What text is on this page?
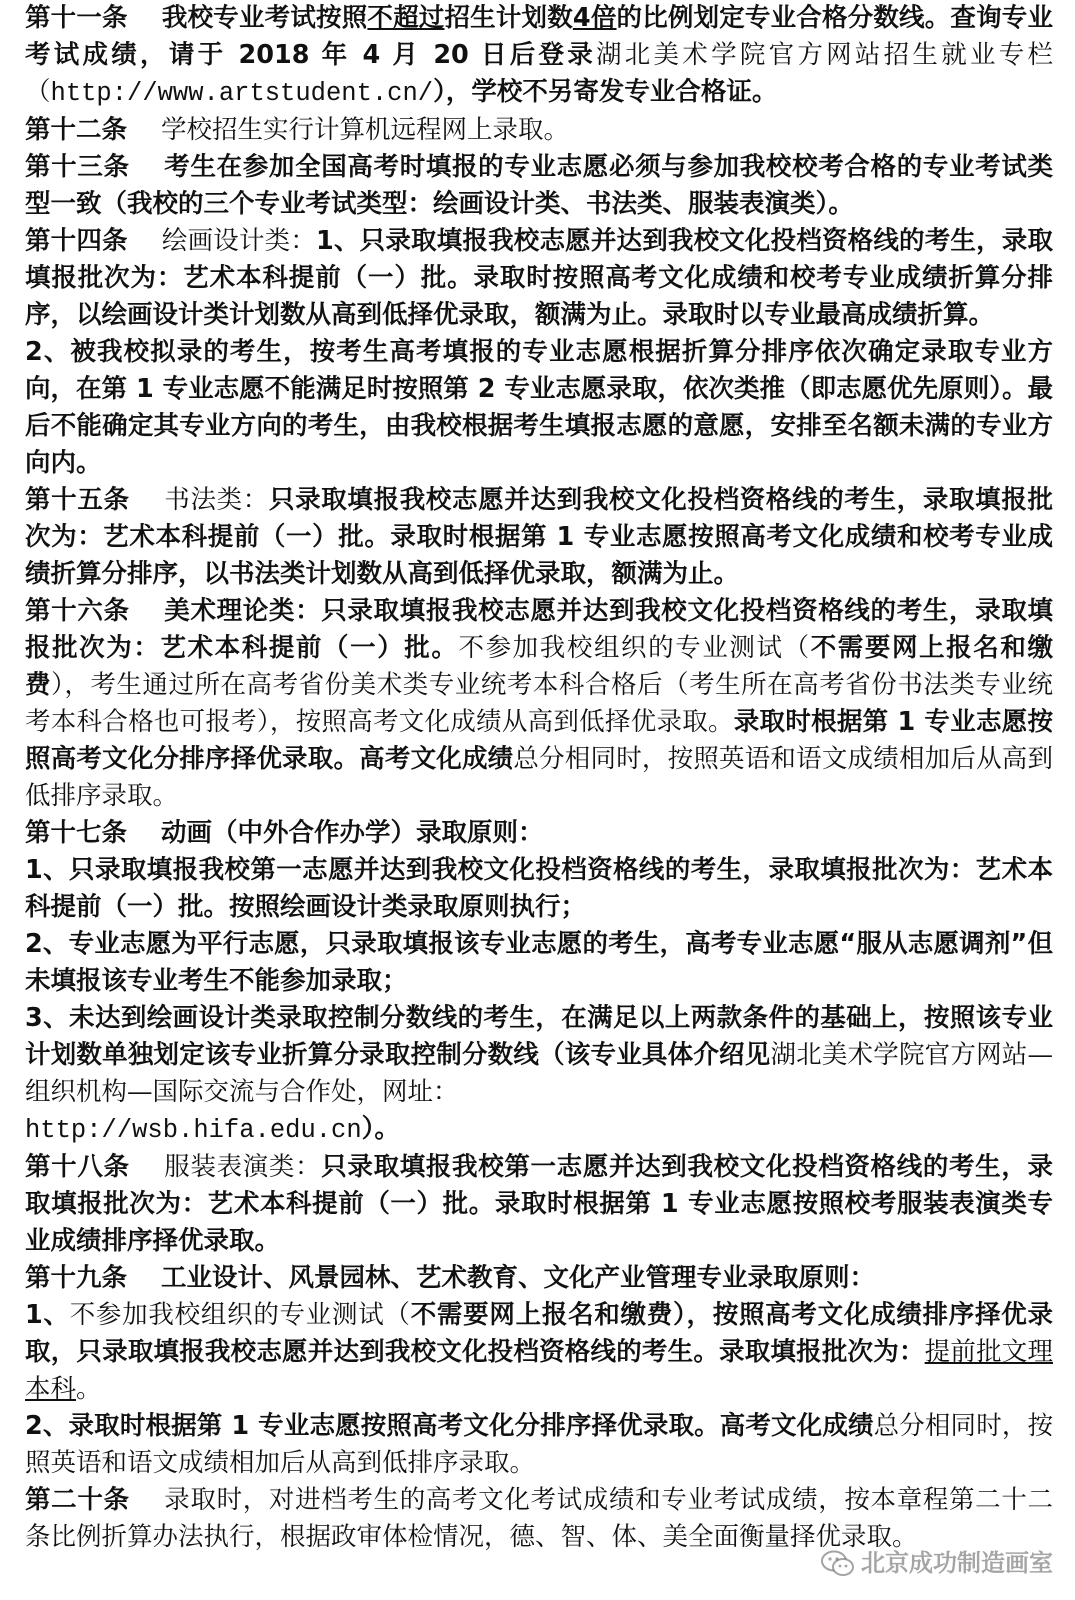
第十一条 我校专业考试按照不超过招生计划数4倍的比例划定专业合格分数线。查询专业考试成绩，请于 2018 年 4 月 20 日后登录湖北美术学院官方网站招生就业专栏（http://www.artstudent.cn/），学校不另寄发专业合格证。

第十二条 学校招生实行计算机远程网上录取。

第十三条 考生在参加全国高考时填报的专业志愿必须与参加我校校考合格的专业考试类型一致（我校的三个专业考试类型：绘画设计类、书法类、服装表演类）。

第十四条 绘画设计类：1、只录取填报我校志愿并达到我校文化投档资格线的考生，录取填报批次为：艺术本科提前（一）批。录取时按照高考文化成绩和校考专业成绩折算分排序，以绘画设计类计划数从高到低择优录取，额满为止。录取时以专业最高成绩折算。

2、被我校拟录的考生，按考生高考填报的专业志愿根据折算分排序依次确定录取专业方向，在第 1 专业志愿不能满足时按照第 2 专业志愿录取，依次类推（即志愿优先原则）。最后不能确定其专业方向的考生，由我校根据考生填报志愿的意愿，安排至名额未满的专业方向内。

第十五条 书法类：只录取填报我校志愿并达到我校文化投档资格线的考生，录取填报批次为：艺术本科提前（一）批。录取时根据第 1 专业志愿按照高考文化成绩和校考专业成绩折算分排序，以书法类计划数从高到低择优录取，额满为止。

第十六条 美术理论类：只录取填报我校志愿并达到我校文化投档资格线的考生，录取填报批次为：艺术本科提前（一）批。不参加我校组织的专业测试（不需要网上报名和缴费），考生通过所在高考省份美术类专业统考本科合格后（考生所在高考省份书法类专业统考本科合格也可报考），按照高考文化成绩从高到低择优录取。录取时根据第 1 专业志愿按照高考文化分排序择优录取。高考文化成绩总分相同时，按照英语和语文成绩相加后从高到低排序录取。

第十七条 动画（中外合作办学）录取原则：

1、只录取填报我校第一志愿并达到我校文化投档资格线的考生，录取填报批次为：艺术本科提前（一）批。按照绘画设计类录取原则执行；

2、专业志愿为平行志愿，只录取填报该专业志愿的考生，高考专业志愿“服从志愿调剂”但未填报该专业考生不能参加录取；

3、未达到绘画设计类录取控制分数线的考生，在满足以上两款条件的基础上，按照该专业计划数单独划定该专业折算分录取控制分数线（该专业具体介绍见湖北美术学院官方网站—组织机构—国际交流与合作处，网址：
http://wsb.hifa.edu.cn）。

第十八条 服装表演类：只录取填报我校第一志愿并达到我校文化投档资格线的考生，录取填报批次为：艺术本科提前（一）批。录取时根据第 1 专业志愿按照校考服装表演类专业成绩排序择优录取。

第十九条 工业设计、风景园林、艺术教育、文化产业管理专业录取原则：

1、不参加我校组织的专业测试（不需要网上报名和缴费），按照高考文化成绩排序择优录取，只录取填报我校志愿并达到我校文化投档资格线的考生。录取填报批次为：提前批文理本科。

2、录取时根据第 1 专业志愿按照高考文化分排序择优录取。高考文化成绩总分相同时，按照英语和语文成绩相加后从高到低排序录取。

第二十条 录取时，对进档考生的高考文化考试成绩和专业考试成绩，按本章程第二十二条比例折算办法执行，根据政审体检情况，德、智、体、美全面衡量择优录取。

北京成功制造画室
